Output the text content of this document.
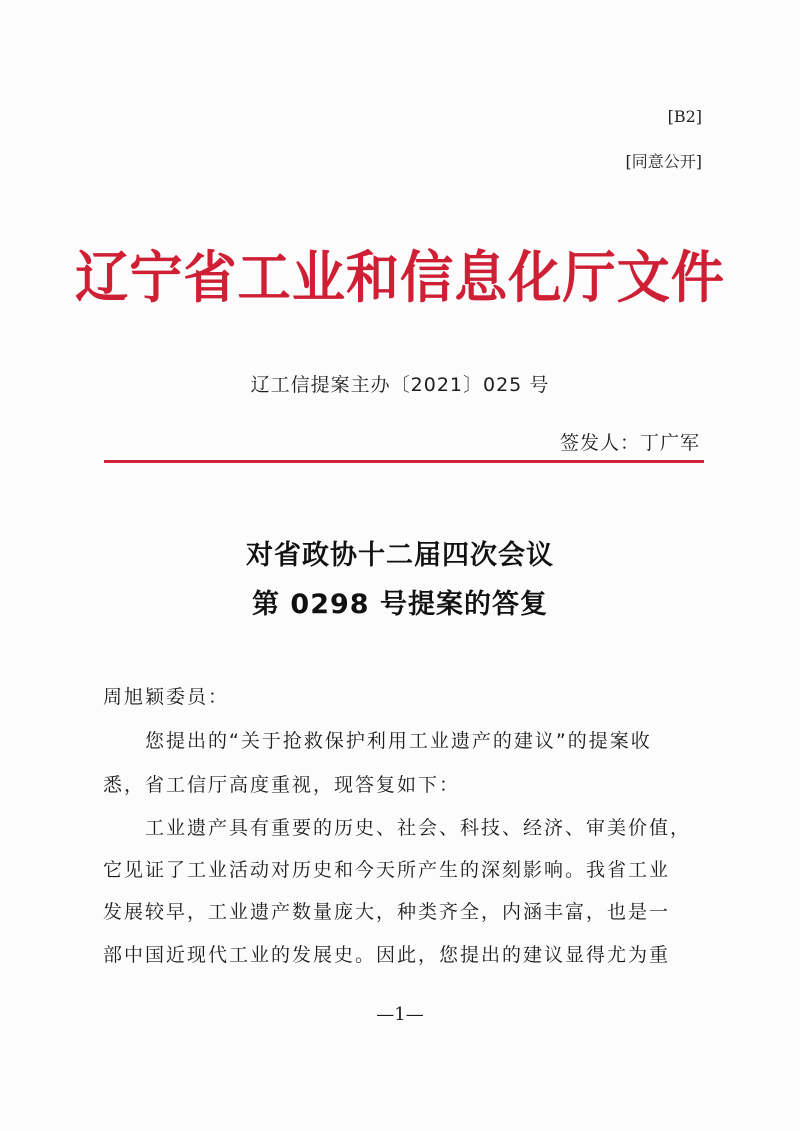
[B2]
[同意公开]
辽宁省工业和信息化厅文件
辽工信提案主办〔2021〕025 号
签发人：丁广军
对省政协十二届四次会议
第 0298 号提案的答复
周旭颖委员：
　　您提出的“关于抢救保护利用工业遗产的建议”的提案收
悉，省工信厅高度重视，现答复如下：
　　工业遗产具有重要的历史、社会、科技、经济、审美价值，
它见证了工业活动对历史和今天所产生的深刻影响。我省工业
发展较早，工业遗产数量庞大，种类齐全，内涵丰富，也是一
部中国近现代工业的发展史。因此，您提出的建议显得尤为重
—1—
